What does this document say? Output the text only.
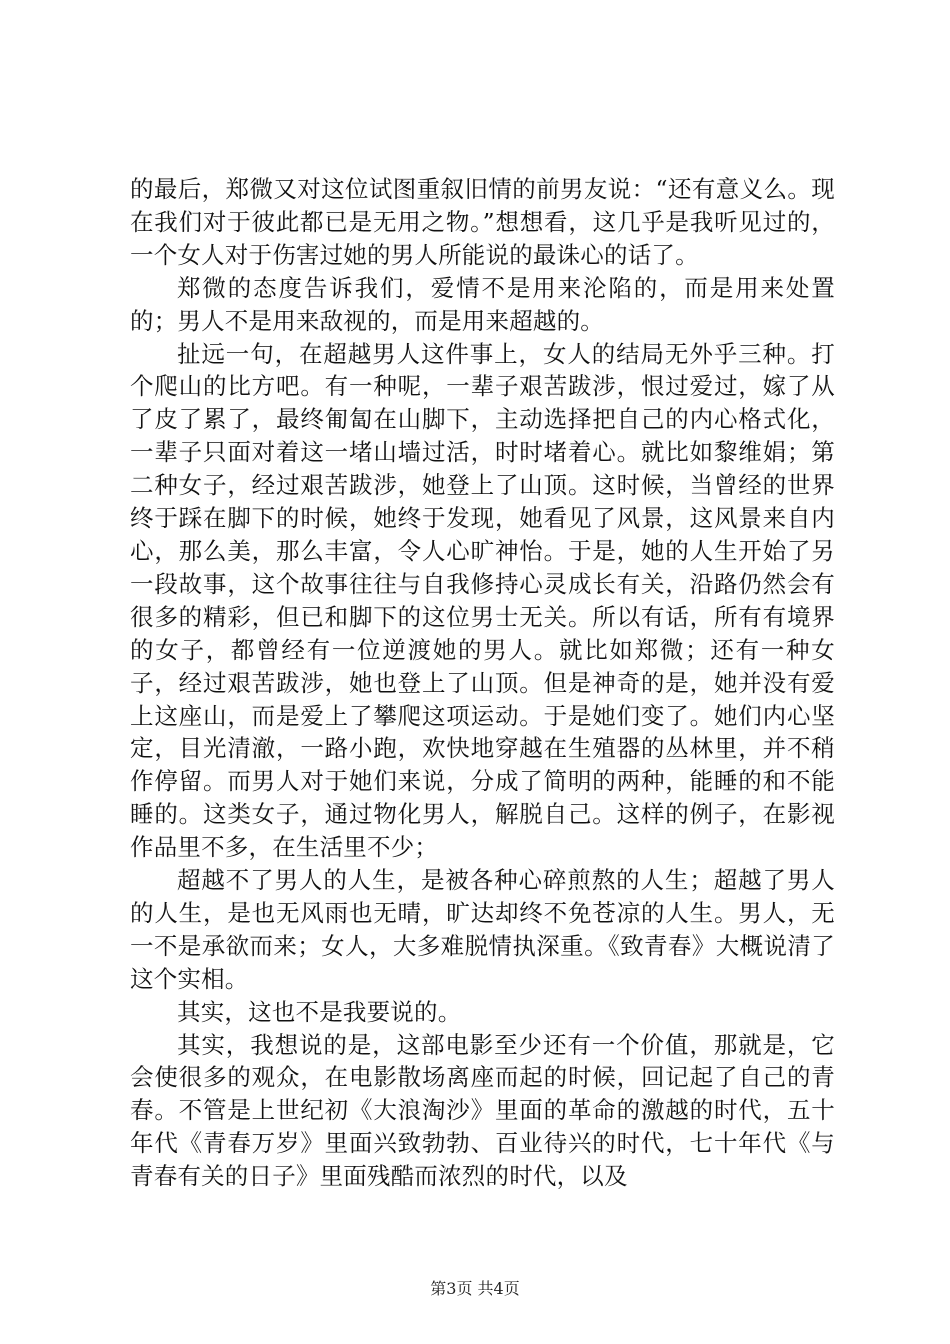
的最后，郑微又对这位试图重叙旧情的前男友说：“还有意义么。现在我们对于彼此都已是无用之物。”想想看，这几乎是我听见过的，一个女人对于伤害过她的男人所能说的最诛心的话了。

郑微的态度告诉我们，爱情不是用来沦陷的，而是用来处置的；男人不是用来敌视的，而是用来超越的。

扯远一句，在超越男人这件事上，女人的结局无外乎三种。打个爬山的比方吧。有一种呢，一辈子艰苦跋涉，恨过爱过，嫁了从了皮了累了，最终匍匐在山脚下，主动选择把自己的内心格式化，一辈子只面对着这一堵山墙过活，时时堵着心。就比如黎维娟；第二种女子，经过艰苦跋涉，她登上了山顶。这时候，当曾经的世界终于踩在脚下的时候，她终于发现，她看见了风景，这风景来自内心，那么美，那么丰富，令人心旷神怡。于是，她的人生开始了另一段故事，这个故事往往与自我修持心灵成长有关，沿路仍然会有很多的精彩，但已和脚下的这位男士无关。所以有话，所有有境界的女子，都曾经有一位逆渡她的男人。就比如郑微；还有一种女子，经过艰苦跋涉，她也登上了山顶。但是神奇的是，她并没有爱上这座山，而是爱上了攀爬这项运动。于是她们变了。她们内心坚定，目光清澈，一路小跑，欢快地穿越在生殖器的丛林里，并不稍作停留。而男人对于她们来说，分成了简明的两种，能睡的和不能睡的。这类女子，通过物化男人，解脱自己。这样的例子，在影视作品里不多，在生活里不少；

超越不了男人的人生，是被各种心碎煎熬的人生；超越了男人的人生，是也无风雨也无晴，旷达却终不免苍凉的人生。男人，无一不是承欲而来；女人，大多难脱情执深重。《致青春》大概说清了这个实相。

其实，这也不是我要说的。

其实，我想说的是，这部电影至少还有一个价值，那就是，它会使很多的观众，在电影散场离座而起的时候，回记起了自己的青春。不管是上世纪初《大浪淘沙》里面的革命的激越的时代，五十年代《青春万岁》里面兴致勃勃、百业待兴的时代，七十年代《与青春有关的日子》里面残酷而浓烈的时代，以及

第3页 共4页
